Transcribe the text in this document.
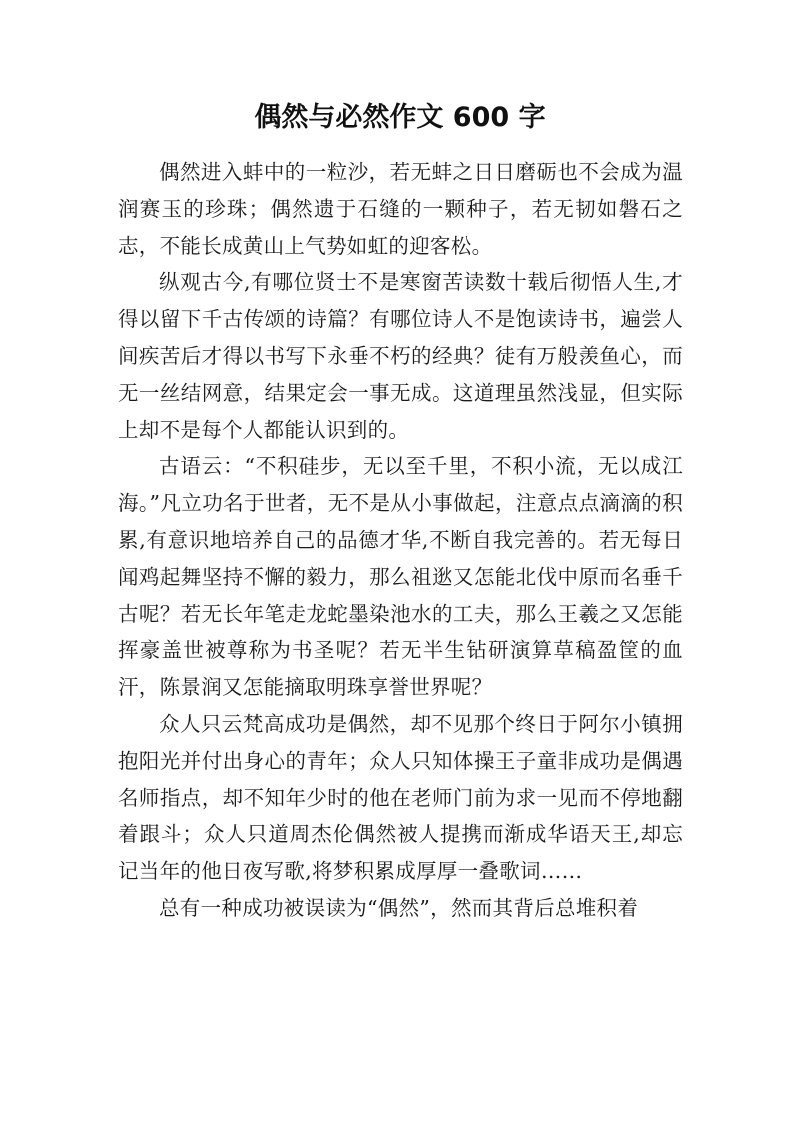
偶然与必然作文 600 字

偶然进入蚌中的一粒沙，若无蚌之日日磨砺也不会成为温润赛玉的珍珠；偶然遗于石缝的一颗种子，若无韧如磐石之志，不能长成黄山上气势如虹的迎客松。

纵观古今,有哪位贤士不是寒窗苦读数十载后彻悟人生,才得以留下千古传颂的诗篇？有哪位诗人不是饱读诗书，遍尝人间疾苦后才得以书写下永垂不朽的经典？徒有万般羡鱼心，而无一丝结网意，结果定会一事无成。这道理虽然浅显，但实际上却不是每个人都能认识到的。

古语云：“不积硅步，无以至千里，不积小流，无以成江海。”凡立功名于世者，无不是从小事做起，注意点点滴滴的积累,有意识地培养自己的品德才华,不断自我完善的。若无每日闻鸡起舞坚持不懈的毅力，那么祖逖又怎能北伐中原而名垂千古呢？若无长年笔走龙蛇墨染池水的工夫，那么王羲之又怎能挥豪盖世被尊称为书圣呢？若无半生钻研演算草稿盈筐的血汗，陈景润又怎能摘取明珠享誉世界呢？

众人只云梵高成功是偶然，却不见那个终日于阿尔小镇拥抱阳光并付出身心的青年；众人只知体操王子童非成功是偶遇名师指点，却不知年少时的他在老师门前为求一见而不停地翻着跟斗；众人只道周杰伦偶然被人提携而渐成华语天王,却忘记当年的他日夜写歌,将梦积累成厚厚一叠歌词……

总有一种成功被误读为“偶然”，然而其背后总堆积着
